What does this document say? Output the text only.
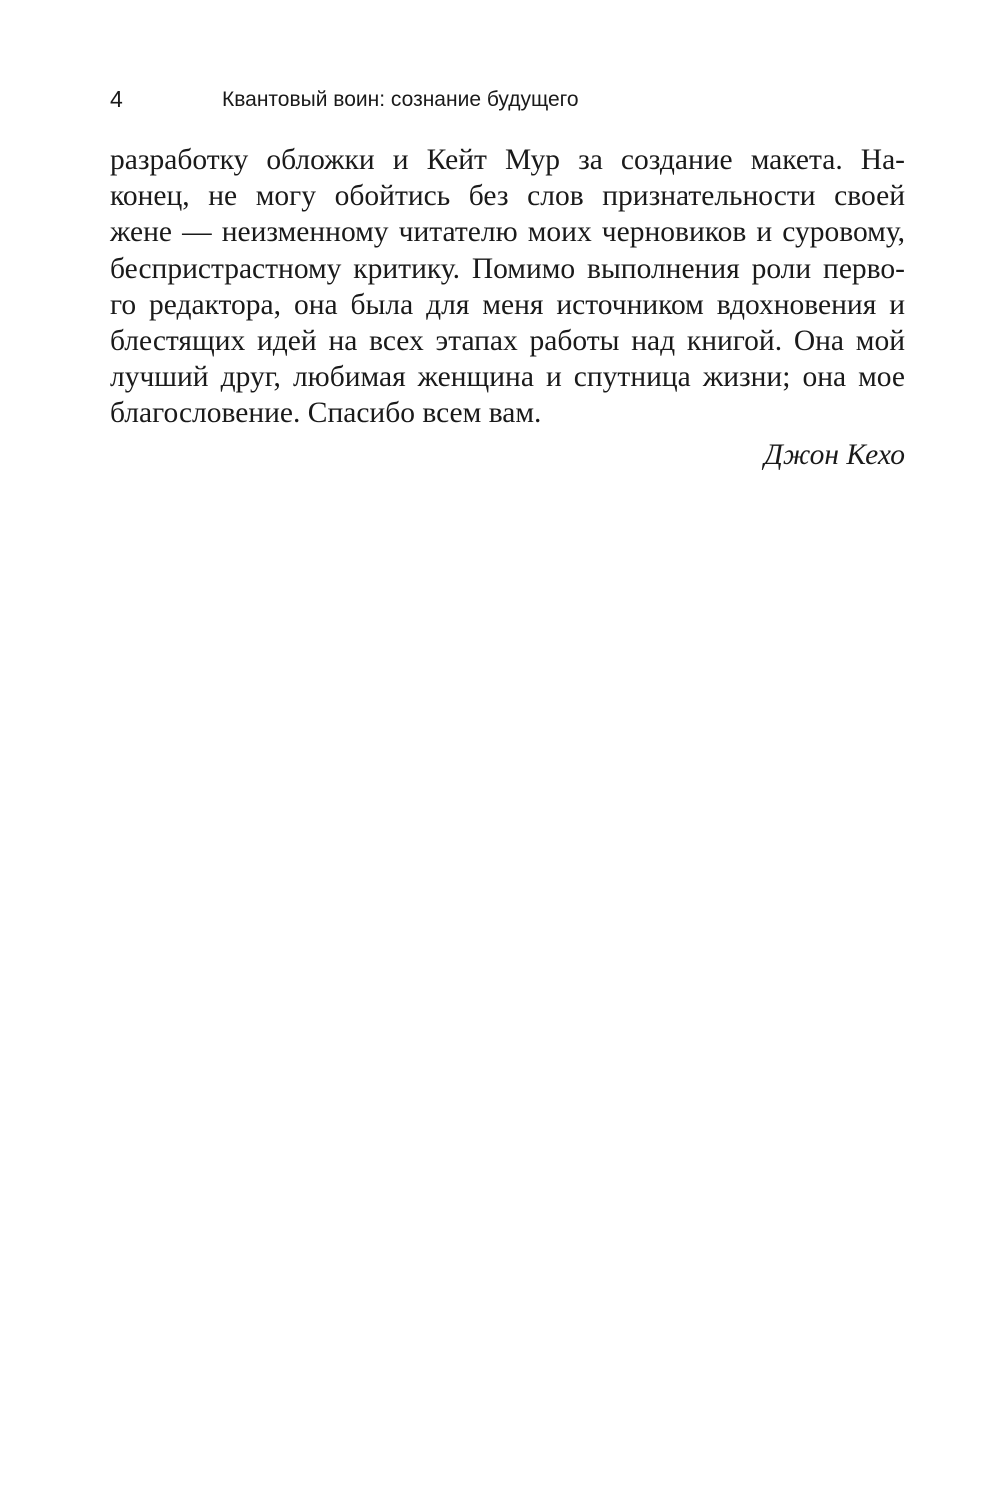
4	Квантовый воин: сознание будущего
разработку обложки и Кейт Мур за создание макета. На-
конец, не могу обойтись без слов признательности своей
жене — неизменному читателю моих черновиков и суровому,
беспристрастному критику. Помимо выполнения роли перво-
го редактора, она была для меня источником вдохновения и
блестящих идей на всех этапах работы над книгой. Она мой
лучший друг, любимая женщина и спутница жизни; она мое
благословение. Спасибо всем вам.
Джон Кехо
